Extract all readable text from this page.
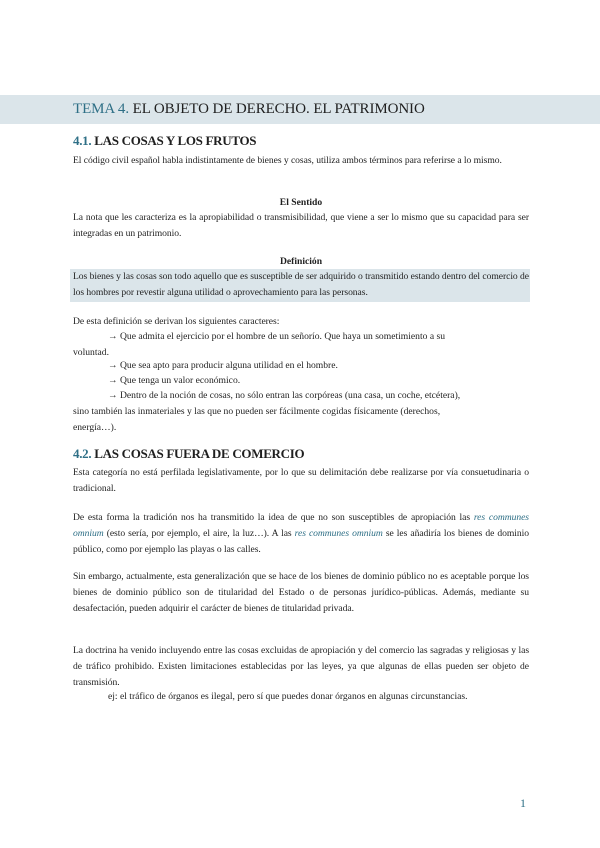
TEMA 4. EL OBJETO DE DERECHO. EL PATRIMONIO
4.1. LAS COSAS Y LOS FRUTOS
El código civil español habla indistintamente de bienes y cosas, utiliza ambos términos para referirse a lo mismo.
El Sentido
La nota que les caracteriza es la apropiabilidad o transmisibilidad, que viene a ser lo mismo que su capacidad para ser integradas en un patrimonio.
Definición
Los bienes y las cosas son todo aquello que es susceptible de ser adquirido o transmitido estando dentro del comercio de los hombres por revestir alguna utilidad o aprovechamiento para las personas.
De esta definición se derivan los siguientes caracteres:
→ Que admita el ejercicio por el hombre de un señorío. Que haya un sometimiento a su
voluntad.
→ Que sea apto para producir alguna utilidad en el hombre.
→ Que tenga un valor económico.
→ Dentro de la noción de cosas, no sólo entran las corpóreas (una casa, un coche, etcétera),
sino también las inmateriales y las que no pueden ser fácilmente cogidas físicamente (derechos,
energía…).
4.2. LAS COSAS FUERA DE COMERCIO
Esta categoría no está perfilada legislativamente, por lo que su delimitación debe realizarse por vía consuetudinaria o tradicional.
De esta forma la tradición nos ha transmitido la idea de que no son susceptibles de apropiación las res communes omnium (esto sería, por ejemplo, el aire, la luz…). A las res communes omnium se les añadiría los bienes de dominio público, como por ejemplo las playas o las calles.
Sin embargo, actualmente, esta generalización que se hace de los bienes de dominio público no es aceptable porque los bienes de dominio público son de titularidad del Estado o de personas jurídico-públicas. Además, mediante su desafectación, pueden adquirir el carácter de bienes de titularidad privada.
La doctrina ha venido incluyendo entre las cosas excluidas de apropiación y del comercio las sagradas y religiosas y las de tráfico prohibido. Existen limitaciones establecidas por las leyes, ya que algunas de ellas pueden ser objeto de transmisión.
ej: el tráfico de órganos es ilegal, pero sí que puedes donar órganos en algunas circunstancias.
1
